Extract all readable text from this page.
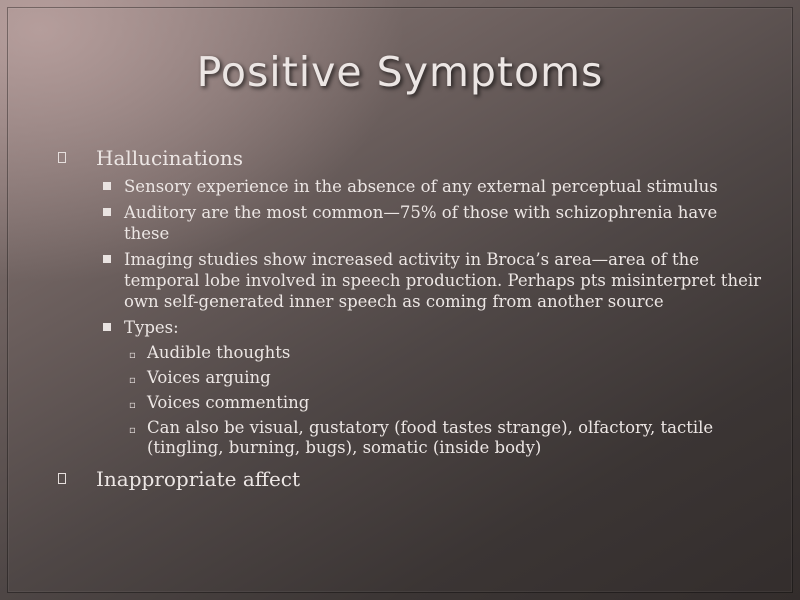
Positive Symptoms
Hallucinations
Sensory experience in the absence of any external perceptual stimulus
Auditory are the most common—75% of those with schizophrenia have these
Imaging studies show increased activity in Broca’s area—area of the temporal lobe involved in speech production. Perhaps pts misinterpret their own self-generated inner speech as coming from another source
Types:
▫ Audible thoughts
▫ Voices arguing
▫ Voices commenting
▫ Can also be visual, gustatory (food tastes strange), olfactory, tactile (tingling, burning, bugs), somatic (inside body)
Inappropriate affect
